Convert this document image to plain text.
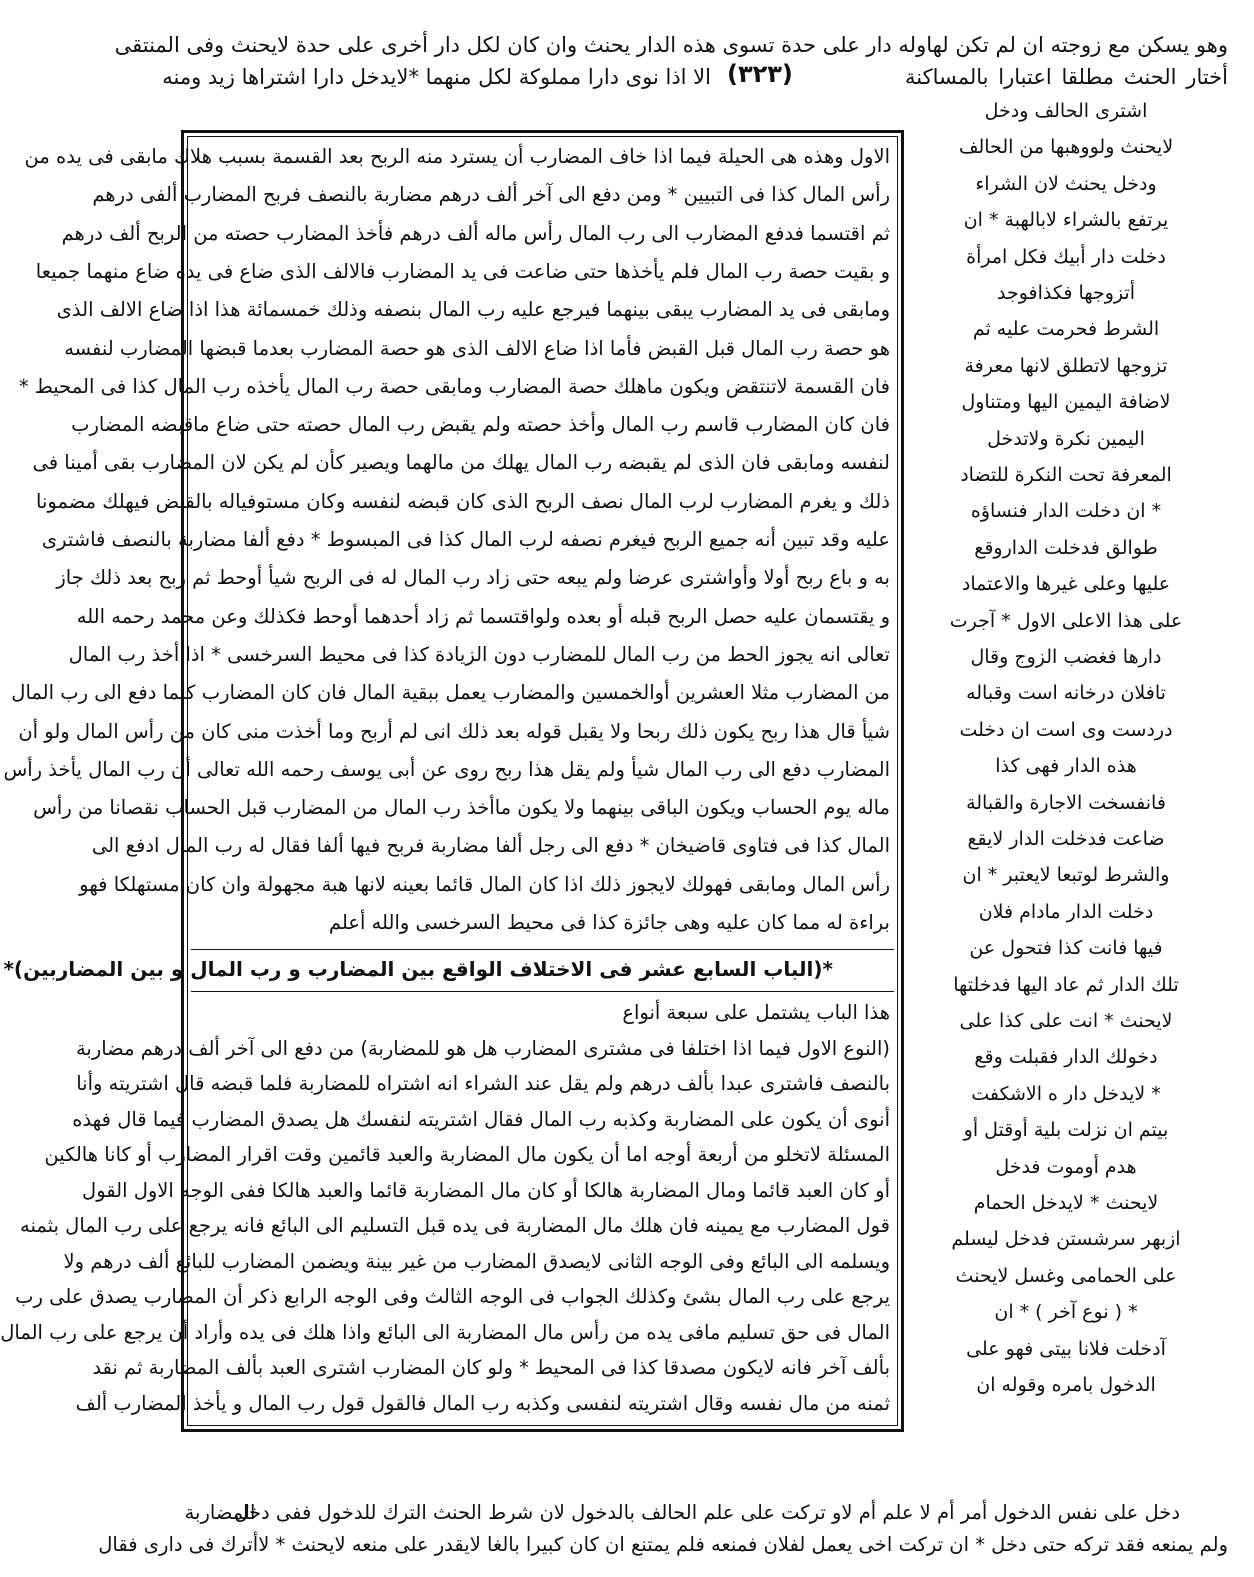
وهو يسكن مع زوجته ان لم تكن لهاوله دار على حدة تسوى هذه الدار يحنث وان كان لكل دار أخرى على حدة لايحنث وفى المنتقى
أختار الحنث مطلقا اعتبارا بالمساكنة
(٣٢٣)
الا اذا نوى دارا مملوكة لكل منهما *لايدخل دارا اشتراها زيد ومنه
الاول وهذه هى الحيلة فيما اذا خاف المضارب أن يسترد منه الربح بعد القسمة بسبب هلاك مابقى فى يده من
رأس المال كذا فى التبيين * ومن دفع الى آخر ألف درهم مضاربة بالنصف فربح المضارب ألفى درهم
ثم اقتسما فدفع المضارب الى رب المال رأس ماله ألف درهم فأخذ المضارب حصته من الربح ألف درهم
و بقيت حصة رب المال فلم يأخذها حتى ضاعت فى يد المضارب فالالف الذى ضاع فى يده ضاع منهما جميعا
ومابقى فى يد المضارب يبقى بينهما فيرجع عليه رب المال بنصفه وذلك خمسمائة هذا اذا ضاع الالف الذى
هو حصة رب المال قبل القبض فأما اذا ضاع الالف الذى هو حصة المضارب بعدما قبضها المضارب لنفسه
فان القسمة لاتنتقض ويكون ماهلك حصة المضارب ومابقى حصة رب المال يأخذه رب المال كذا فى المحيط *
فان كان المضارب قاسم رب المال وأخذ حصته ولم يقبض رب المال حصته حتى ضاع ماقبضه المضارب
لنفسه ومابقى فان الذى لم يقبضه رب المال يهلك من مالهما ويصير كأن لم يكن لان المضارب بقى أمينا فى
ذلك و يغرم المضارب لرب المال نصف الربح الذى كان قبضه لنفسه وكان مستوفياله بالقبض فيهلك مضمونا
عليه وقد تبين أنه جميع الربح فيغرم نصفه لرب المال كذا فى المبسوط * دفع ألفا مضاربة بالنصف فاشترى
به و باع ربح أولا وأواشترى عرضا ولم يبعه حتى زاد رب المال له فى الربح شيأ أوحط ثم ربح بعد ذلك جاز
و يقتسمان عليه حصل الربح قبله أو بعده ولواقتسما ثم زاد أحدهما أوحط فكذلك وعن محمد رحمه الله
تعالى انه يجوز الحط من رب المال للمضارب دون الزيادة كذا فى محيط السرخسى * اذا أخذ رب المال
من المضارب مثلا العشرين أوالخمسين والمضارب يعمل ببقية المال فان كان المضارب كلما دفع الى رب المال
شيأ قال هذا ربح يكون ذلك ربحا ولا يقبل قوله بعد ذلك انى لم أربح وما أخذت منى كان من رأس المال ولو أن
المضارب دفع الى رب المال شيأ ولم يقل هذا ربح روى عن أبى يوسف رحمه الله تعالى أن رب المال يأخذ رأس
ماله يوم الحساب ويكون الباقى بينهما ولا يكون ماأخذ رب المال من المضارب قبل الحساب نقصانا من رأس
المال كذا فى فتاوى قاضيخان * دفع الى رجل ألفا مضاربة فربح فيها ألفا فقال له رب المال ادفع الى
رأس المال ومابقى فهولك لايجوز ذلك اذا كان المال قائما بعينه لانها هبة مجهولة وان كان مستهلكا فهو
براءة له مما كان عليه وهى جائزة كذا فى محيط السرخسى والله أعلم
*(الباب السابع عشر فى الاختلاف الواقع بين المضارب و رب المال و بين المضاربين)*
هذا الباب يشتمل على سبعة أنواع
(النوع الاول فيما اذا اختلفا فى مشترى المضارب هل هو للمضاربة) من دفع الى آخر ألف درهم مضاربة
بالنصف فاشترى عبدا بألف درهم ولم يقل عند الشراء انه اشتراه للمضاربة فلما قبضه قال اشتريته وأنا
أنوى أن يكون على المضاربة وكذبه رب المال فقال اشتريته لنفسك هل يصدق المضارب فيما قال فهذه
المسئلة لاتخلو من أربعة أوجه اما أن يكون مال المضاربة والعبد قائمين وقت اقرار المضارب أو كانا هالكين
أو كان العبد قائما ومال المضاربة هالكا أو كان مال المضاربة قائما والعبد هالكا ففى الوجه الاول القول
قول المضارب مع يمينه فان هلك مال المضاربة فى يده قبل التسليم الى البائع فانه يرجع على رب المال بثمنه
ويسلمه الى البائع وفى الوجه الثانى لايصدق المضارب من غير بينة ويضمن المضارب للبائع ألف درهم ولا
يرجع على رب المال بشئ وكذلك الجواب فى الوجه الثالث وفى الوجه الرابع ذكر أن المضارب يصدق على رب
المال فى حق تسليم مافى يده من رأس مال المضاربة الى البائع واذا هلك فى يده وأراد أن يرجع على رب المال
بألف آخر فانه لايكون مصدقا كذا فى المحيط * ولو كان المضارب اشترى العبد بألف المضاربة ثم نقد
ثمنه من مال نفسه وقال اشتريته لنفسى وكذبه رب المال فالقول قول رب المال و يأخذ المضارب ألف
اشترى الحالف ودخل
لايحنث ولووهبها من الحالف
ودخل يحنث لان الشراء
يرتفع بالشراء لابالهبة * ان
دخلت دار أبيك فكل امرأة
أتزوجها فكذافوجد
الشرط فحرمت عليه ثم
تزوجها لاتطلق لانها معرفة
لاضافة اليمين اليها ومتناول
اليمين نكرة ولاتدخل
المعرفة تحت النكرة للتضاد
* ان دخلت الدار فنساؤه
طوالق فدخلت الداروقع
عليها وعلى غيرها والاعتماد
على هذا الاعلى الاول * آجرت
دارها فغضب الزوج وقال
تافلان درخانه است وقباله
دردست وى است ان دخلت
هذه الدار فهى كذا
فانفسخت الاجارة والقبالة
ضاعت فدخلت الدار لايقع
والشرط لوتبعا لايعتبر * ان
دخلت الدار مادام فلان
فيها فانت كذا فتحول عن
تلك الدار ثم عاد اليها فدخلتها
لايحنث * انت على كذا على
دخولك الدار فقبلت وقع
* لايدخل دار ه الاشكفت
بيتم ان نزلت بلية أوقتل أو
هدم أوموت فدخل
لايحنث * لايدخل الحمام
ازبهر سرشستن فدخل ليسلم
على الحمامى وغسل لايحنث
* ( نوع آخر ) * ان
آدخلت فلانا بيتى فهو على
الدخول بامره وقوله ان
دخل على نفس الدخول أمر أم لا علم أم لاو تركت على علم الحالف بالدخول لان شرط الحنث الترك للدخول ففى دخل
المضاربة
ولم يمنعه فقد تركه حتى دخل * ان تركت اخى يعمل لفلان فمنعه فلم يمتنع ان كان كبيرا بالغا لايقدر على منعه لايحنث * لاأترك فى دارى فقال
